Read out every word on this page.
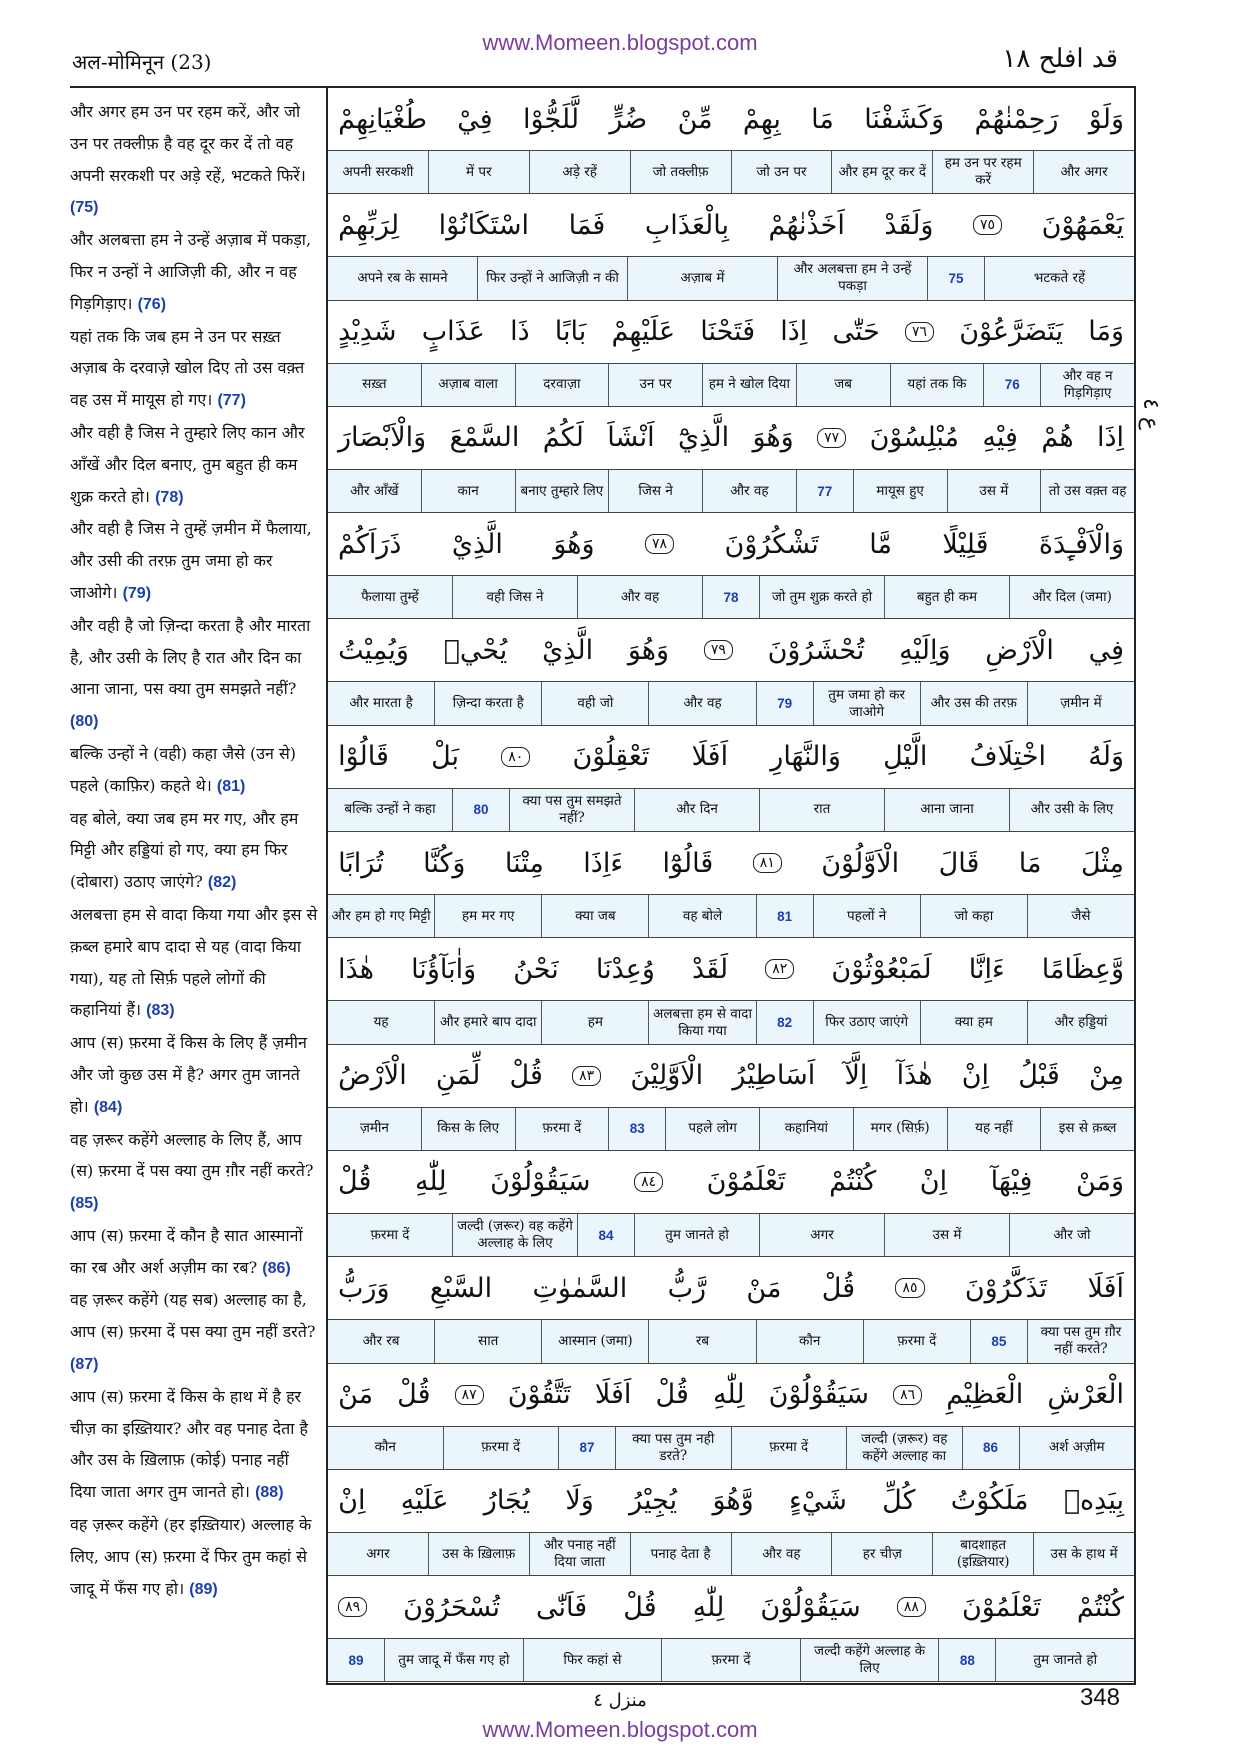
www.Momeen.blogspot.com
अल-मोमिनून (23)	قد افلح ١٨

और अगर हम उन पर रहम करें, और जो उन पर तक्लीफ़ है वह दूर कर दें तो वह अपनी सरकशी पर अड़े रहें, भटकते फिरें। (75)

और अलबत्ता हम ने उन्हें अज़ाब में पकड़ा, फिर न उन्हों ने आजिज़ी की, और न वह गिड़गिड़ाए। (76)

यहां तक कि जब हम ने उन पर सख़्त अज़ाब के दरवाज़े खोल दिए तो उस वक़्त वह उस में मायूस हो गए। (77)

और वही है जिस ने तुम्हारे लिए कान और आँखें और दिल बनाए, तुम बहुत ही कम शुक्र करते हो। (78)

और वही है जिस ने तुम्हें ज़मीन में फैलाया, और उसी की तरफ़ तुम जमा हो कर जाओगे। (79)

और वही है जो ज़िन्दा करता है और मारता है, और उसी के लिए है रात और दिन का आना जाना, पस क्या तुम समझते नहीं? (80)

बल्कि उन्हों ने (वही) कहा जैसे (उन से) पहले (काफ़िर) कहते थे। (81)

वह बोले, क्या जब हम मर गए, और हम मिट्टी और हड्डियां हो गए, क्या हम फिर (दोबारा) उठाए जाएंगे? (82)

अलबत्ता हम से वादा किया गया और इस से क़ब्ल हमारे बाप दादा से यह (वादा किया गया), यह तो सिर्फ़ पहले लोगों की कहानियां हैं। (83)

आप (स) फ़रमा दें किस के लिए हैं ज़मीन और जो कुछ उस में है? अगर तुम जानते हो। (84)

वह ज़रूर कहेंगे अल्लाह के लिए हैं, आप (स) फ़रमा दें पस क्या तुम ग़ौर नहीं करते? (85)

आप (स) फ़रमा दें कौन है सात आस्मानों का रब और अर्श अज़ीम का रब? (86)

वह ज़रूर कहेंगे (यह सब) अल्लाह का है, आप (स) फ़रमा दें पस क्या तुम नहीं डरते? (87)

आप (स) फ़रमा दें किस के हाथ में है हर चीज़ का इख़्तियार? और वह पनाह देता है और उस के ख़िलाफ़ (कोई) पनाह नहीं दिया जाता अगर तुम जानते हो। (88)

वह ज़रूर कहेंगे (हर इख़्तियार) अल्लाह के लिए, आप (स) फ़रमा दें फिर तुम कहां से जादू में फँस गए हो। (89)

وَلَوْ
رَحِمْنٰهُمْ
وَكَشَفْنَا
مَا
بِهِمْ
مِّنْ
ضُرٍّ
لَّلَجُّوْا
فِيْ
طُغْيَانِهِمْ
और अगर
हम उन पर रहम करें
और हम दूर कर दें
जो उन पर
जो तक्लीफ़
अड़े रहें
में पर
अपनी सरकशी
يَعْمَهُوْنَ
٧٥
وَلَقَدْ
اَخَذْنٰهُمْ
بِالْعَذَابِ
فَمَا
اسْتَكَانُوْا
لِرَبِّهِمْ
भटकते रहें
75
और अलबत्ता हम ने उन्हें पकड़ा
अज़ाब में
फिर उन्हों ने आजिज़ी न की
अपने रब के सामने
وَمَا
يَتَضَرَّعُوْنَ
٧٦
حَتّٰى
اِذَا
فَتَحْنَا
عَلَيْهِمْ
بَابًا
ذَا
عَذَابٍ
شَدِيْدٍ
और वह न गिड़गिड़ाए
76
यहां तक कि
जब
हम ने खोल दिया
उन पर
दरवाज़ा
अज़ाब वाला
सख़्त
اِذَا
هُمْ
فِيْهِ
مُبْلِسُوْنَ
٧٧
وَهُوَ
الَّذِيْٓ
اَنْشَاَ
لَكُمُ
السَّمْعَ
وَالْاَبْصَارَ
तो उस वक़्त वह
उस में
मायूस हुए
77
और वह
जिस ने
बनाए तुम्हारे लिए
कान
और आँखें
وَالْاَفْـِٕدَةَ
قَلِيْلًا
مَّا
تَشْكُرُوْنَ
٧٨
وَهُوَ
الَّذِيْ
ذَرَاَكُمْ
और दिल (जमा)
बहुत ही कम
जो तुम शुक्र करते हो
78
और वह
वही जिस ने
फैलाया तुम्हें
فِي
الْاَرْضِ
وَاِلَيْهِ
تُحْشَرُوْنَ
٧٩
وَهُوَ
الَّذِيْ
يُحْيٖ
وَيُمِيْتُ
ज़मीन में
और उस की तरफ़
तुम जमा हो कर जाओगे
79
और वह
वही जो
ज़िन्दा करता है
और मारता है
وَلَهُ
اخْتِلَافُ
الَّيْلِ
وَالنَّهَارِ
اَفَلَا
تَعْقِلُوْنَ
٨٠
بَلْ
قَالُوْا
और उसी के लिए
आना जाना
रात
और दिन
क्या पस तुम समझते नहीं?
80
बल्कि उन्हों ने कहा
مِثْلَ
مَا
قَالَ
الْاَوَّلُوْنَ
٨١
قَالُوْٓا
ءَاِذَا
مِتْنَا
وَكُنَّا
تُرَابًا
जैसे
जो कहा
पहलों ने
81
वह बोले
क्या जब
हम मर गए
और हम हो गए मिट्टी
وَّعِظَامًا
ءَاِنَّا
لَمَبْعُوْثُوْنَ
٨٢
لَقَدْ
وُعِدْنَا
نَحْنُ
وَاٰبَآؤُنَا
هٰذَا
और हड्डियां
क्या हम
फिर उठाए जाएंगे
82
अलबत्ता हम से वादा किया गया
हम
और हमारे बाप दादा
यह
مِنْ
قَبْلُ
اِنْ
هٰذَآ
اِلَّآ
اَسَاطِيْرُ
الْاَوَّلِيْنَ
٨٣
قُلْ
لِّمَنِ
الْاَرْضُ
इस से क़ब्ल
यह नहीं
मगर (सिर्फ़)
कहानियां
पहले लोग
83
फ़रमा दें
किस के लिए
ज़मीन
وَمَنْ
فِيْهَآ
اِنْ
كُنْتُمْ
تَعْلَمُوْنَ
٨٤
سَيَقُوْلُوْنَ
لِلّٰهِ
قُلْ
और जो
उस में
अगर
तुम जानते हो
84
जल्दी (ज़रूर) वह कहेंगे अल्लाह के लिए
फ़रमा दें
اَفَلَا
تَذَكَّرُوْنَ
٨٥
قُلْ
مَنْ
رَّبُّ
السَّمٰوٰتِ
السَّبْعِ
وَرَبُّ
क्या पस तुम ग़ौर नहीं करते?
85
फ़रमा दें
कौन
रब
आस्मान (जमा)
सात
और रब
الْعَرْشِ
الْعَظِيْمِ
٨٦
سَيَقُوْلُوْنَ
لِلّٰهِ
قُلْ
اَفَلَا
تَتَّقُوْنَ
٨٧
قُلْ
مَنْ
अर्श अज़ीम
86
जल्दी (ज़रूर) वह कहेंगे अल्लाह का
फ़रमा दें
क्या पस तुम नही डरते?
87
फ़रमा दें
कौन
بِيَدِهٖ
مَلَكُوْتُ
كُلِّ
شَيْءٍ
وَّهُوَ
يُجِيْرُ
وَلَا
يُجَارُ
عَلَيْهِ
اِنْ
उस के हाथ में
बादशाहत (इख़्तियार)
हर चीज़
और वह
पनाह देता है
और पनाह नहीं दिया जाता
उस के ख़िलाफ़
अगर
كُنْتُمْ
تَعْلَمُوْنَ
٨٨
سَيَقُوْلُوْنَ
لِلّٰهِ
قُلْ
فَاَنّٰى
تُسْحَرُوْنَ
٨٩
तुम जानते हो
88
जल्दी कहेंगे अल्लाह के लिए
फ़रमा दें
फिर कहां से
तुम जादू में फँस गए हो
89
ع ٤
منزل ٤	348
www.Momeen.blogspot.com
